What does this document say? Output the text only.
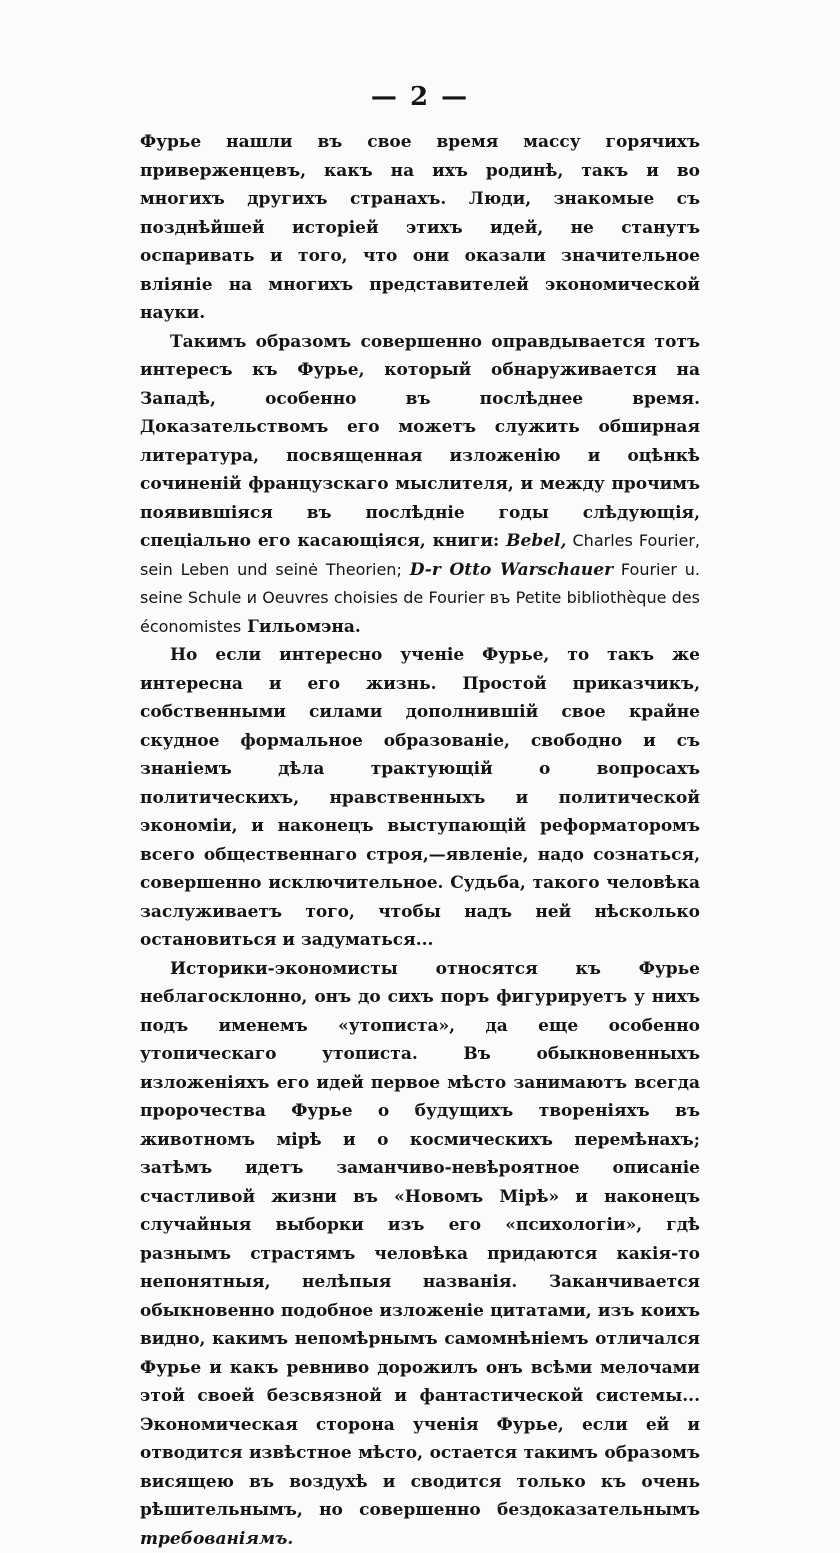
— 2 —

Фурье нашли въ свое время массу горячихъ приверженцевъ, какъ на ихъ родинѣ, такъ и во многихъ другихъ странахъ. Люди, знакомые съ позднѣйшей исторіей этихъ идей, не станутъ оспаривать и того, что они оказали значительное вліяніе на многихъ представителей экономической науки.

Такимъ образомъ совершенно оправдывается тотъ интересъ къ Фурье, который обнаруживается на Западѣ, особенно въ послѣднее время. Доказательствомъ его можетъ служить обширная литература, посвященная изложенію и оцѣнкѣ сочиненій французскаго мыслителя, и между прочимъ появившіяся въ послѣдніе годы слѣдующія, спеціально его касающіяся, книги: Bebel, Charles Fourier, sein Leben und seinė Theorien; D-r Otto Warschauer Fourier u. seine Schule и Oeuvres choisies de Fourier въ Petite bibliothèque des économistes Гильомэна.

Но если интересно ученіе Фурье, то такъ же интересна и его жизнь. Простой приказчикъ, собственными силами дополнившій свое крайне скудное формальное образованіе, свободно и съ знаніемъ дѣла трактующій о вопросахъ политическихъ, нравственныхъ и политической экономіи, и наконецъ выступающій реформаторомъ всего общественнаго строя,—явленіе, надо сознаться, совершенно исключительное. Судьба, такого человѣка заслуживаетъ того, чтобы надъ ней нѣсколько остановиться и задуматься...

Историки-экономисты относятся къ Фурье неблагосклонно, онъ до сихъ поръ фигурируетъ у нихъ подъ именемъ «утописта», да еще особенно утопическаго утописта. Въ обыкновенныхъ изложеніяхъ его идей первое мѣсто занимаютъ всегда пророчества Фурье о будущихъ твореніяхъ въ животномъ мірѣ и о космическихъ перемѣнахъ; затѣмъ идетъ заманчиво-невѣроятное описаніе счастливой жизни въ «Новомъ Мірѣ» и наконецъ случайныя выборки изъ его «психологіи», гдѣ разнымъ страстямъ человѣка придаются какія-то непонятныя, нелѣпыя названія. Заканчивается обыкновенно подобное изложеніе цитатами, изъ коихъ видно, какимъ непомѣрнымъ самомнѣніемъ отличался Фурье и какъ ревниво дорожилъ онъ всѣми мелочами этой своей безсвязной и фантастической системы... Экономическая сторона ученія Фурье, если ей и отводится извѣстное мѣсто, остается такимъ образомъ висящею въ воздухѣ и сводится только къ очень рѣшительнымъ, но совершенно бездоказательнымъ требованіямъ.
